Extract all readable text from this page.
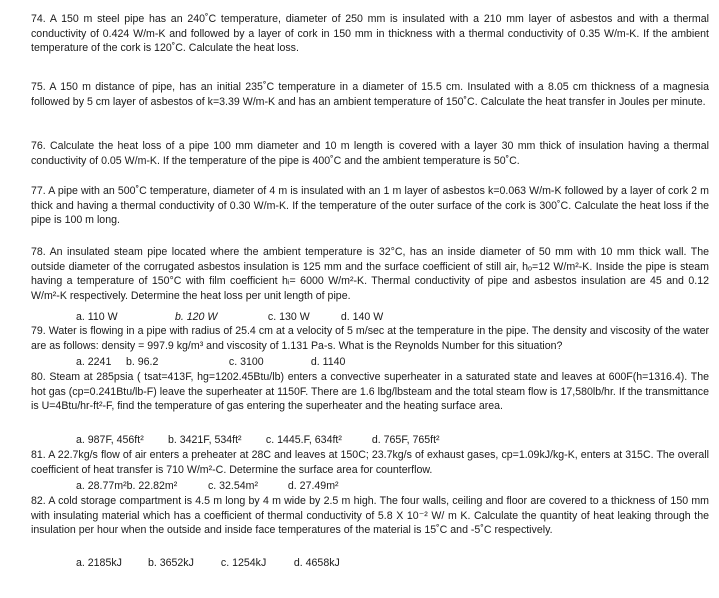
74. A 150 m steel pipe has an 240˚C temperature, diameter of 250 mm is insulated with a 210 mm layer of asbestos and with a thermal conductivity of 0.424 W/m-K and followed by a layer of cork in 150 mm in thickness with a thermal conductivity of 0.35 W/m-K. If the ambient temperature of the cork is 120˚C. Calculate the heat loss.

75. A 150 m distance of pipe, has an initial 235˚C temperature in a diameter of 15.5 cm. Insulated with a 8.05 cm thickness of a magnesia followed by 5 cm layer of asbestos of k=3.39 W/m-K and has an ambient temperature of 150˚C. Calculate the heat transfer in Joules per minute.

76. Calculate the heat loss of a pipe 100 mm diameter and 10 m length is covered with a layer 30 mm thick of insulation having a thermal conductivity of 0.05 W/m-K. If the temperature of the pipe is 400˚C and the ambient temperature is 50˚C.

77. A pipe with an 500˚C temperature, diameter of 4 m is insulated with an 1 m layer of asbestos k=0.063 W/m-K followed by a layer of cork 2 m thick and having a thermal conductivity of 0.30 W/m-K. If the temperature of the outer surface of the cork is 300˚C. Calculate the heat loss if the pipe is 100 m long.

78. An insulated steam pipe located where the ambient temperature is 32°C, has an inside diameter of 50 mm with 10 mm thick wall. The outside diameter of the corrugated asbestos insulation is 125 mm and the surface coefficient of still air, hₒ=12 W/m²-K. Inside the pipe is steam having a temperature of 150°C with film coefficient hᵢ= 6000 W/m²-K. Thermal conductivity of pipe and asbestos insulation are 45 and 0.12 W/m²-K respectively. Determine the heat loss per unit length of pipe.

a. 110 W	b. 120 W	c. 130 W	d. 140 W

79. Water is flowing in a pipe with radius of 25.4 cm at a velocity of 5 m/sec at the temperature in the pipe. The density and viscosity of the water are as follows: density = 997.9 kg/m³ and viscosity of 1.131 Pa-s. What is the Reynolds Number for this situation?

a. 2241 b. 96.2	c. 3100	d. 1140

80. Steam at 285psia ( tsat=413F, hg=1202.45Btu/lb) enters a convective superheater in a saturated state and leaves at 600F(h=1316.4). The hot gas (cp=0.241Btu/lb-F) leave the superheater at 1150F. There are 1.6 lbg/lbsteam and the total steam flow is 17,580lb/hr. If the transmittance is U=4Btu/hr-ft²-F, find the temperature of gas entering the superheater and the heating surface area.

a. 987F, 456ft² b. 3421F, 534ft² c. 1445.F, 634ft²	d. 765F, 765ft²

81. A 22.7kg/s flow of air enters a preheater at 28C and leaves at 150C; 23.7kg/s of exhaust gases, cp=1.09kJ/kg-K, enters at 315C. The overall coefficient of heat transfer is 710 W/m²-C. Determine the surface area for counterflow.

a. 28.77m²b. 22.82m²	c. 32.54m²	d. 27.49m²

82. A cold storage compartment is 4.5 m long by 4 m wide by 2.5 m high. The four walls, ceiling and floor are covered to a thickness of 150 mm with insulating material which has a coefficient of thermal conductivity of 5.8 X 10⁻² W/ m K. Calculate the quantity of heat leaking through the insulation per hour when the outside and inside face temperatures of the material is 15˚C and -5˚C respectively.

a. 2185kJ b. 3652kJ	c. 1254kJ	d. 4658kJ
